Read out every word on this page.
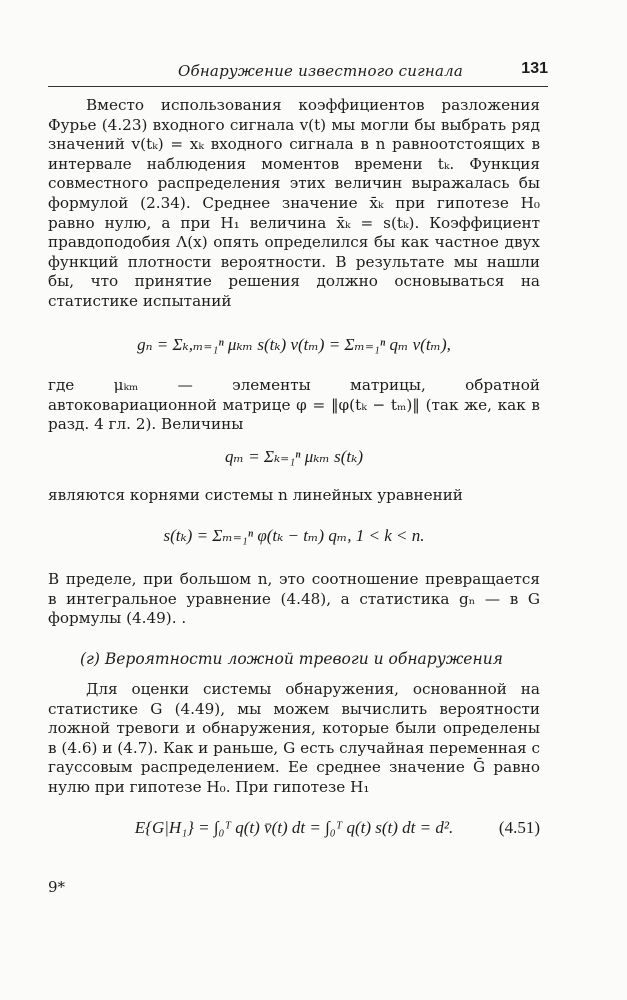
Обнаружение известного сигнала	131

Вместо использования коэффициентов разложения Фурье (4.23) входного сигнала v(t) мы могли бы выбрать ряд значений v(tₖ) = xₖ входного сигнала в n равноотстоящих в интервале наблюдения моментов времени tₖ. Функция совместного распределения этих величин выражалась бы формулой (2.34). Среднее значение x̄ₖ при гипотезе H₀ равно нулю, а при H₁ величина x̄ₖ = s(tₖ). Коэффициент правдоподобия Λ(x) опять определился бы как частное двух функций плотности вероятности. В результате мы нашли бы, что принятие решения должно основываться на статистике испытаний

gₙ = Σₖ,ₘ₌₁ⁿ μₖₘ s(tₖ) v(tₘ) = Σₘ₌₁ⁿ qₘ v(tₘ),

где μₖₘ — элементы матрицы, обратной автоковариационной матрице φ = ‖φ(tₖ − tₘ)‖ (так же, как в разд. 4 гл. 2). Величины

qₘ = Σₖ₌₁ⁿ μₖₘ s(tₖ)

являются корнями системы n линейных уравнений

s(tₖ) = Σₘ₌₁ⁿ φ(tₖ − tₘ) qₘ, 1 < k < n.

В пределе, при большом n, это соотношение превращается в интегральное уравнение (4.48), а статистика gₙ — в G формулы (4.49). .

(г) Вероятности ложной тревоги и обнаружения

Для оценки системы обнаружения, основанной на статистике G (4.49), мы можем вычислить вероятности ложной тревоги и обнаружения, которые были определены в (4.6) и (4.7). Как и раньше, G есть случайная переменная с гауссовым распределением. Ее среднее значение Ḡ равно нулю при гипотезе H₀. При гипотезе H₁

E{G|H₁} = ∫₀ᵀ q(t) v̄(t) dt = ∫₀ᵀ q(t) s(t) dt = d².	(4.51)
9*
